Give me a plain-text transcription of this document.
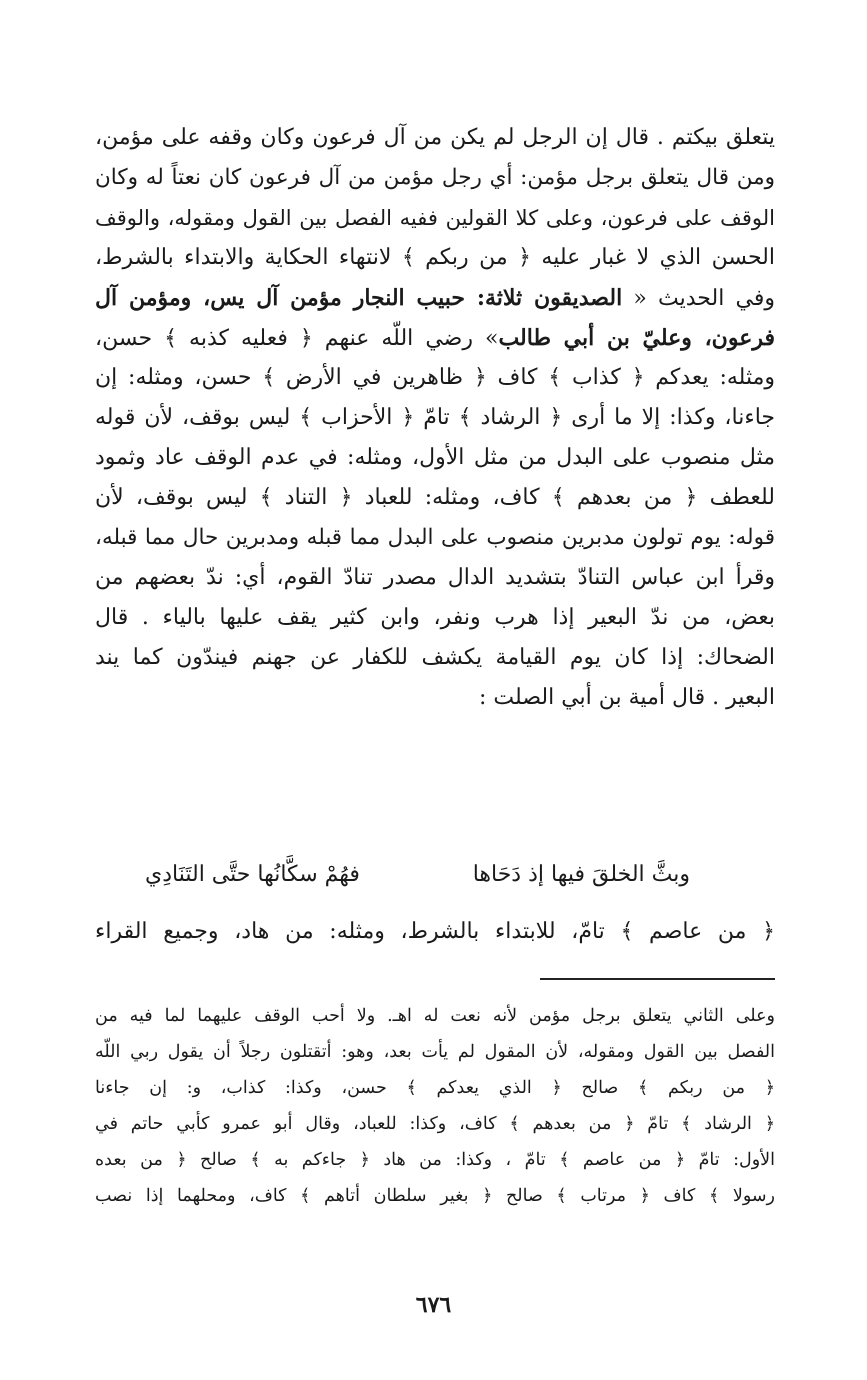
يتعلق بيكتم . قال إن الرجل لم يكن من آل فرعون وكان وقفه على مؤمن،
ومن قال يتعلق برجل مؤمن: أي رجل مؤمن من آل فرعون كان نعتاً له وكان
الوقف على فرعون، وعلى كلا القولين ففيه الفصل بين القول ومقوله، والوقف
الحسن الذي لا غبار عليه ﴿ من ربكم ﴾ لانتهاء الحكاية والابتداء بالشرط،
وفي الحديث « الصديقون ثلاثة: حبيب النجار مؤمن آل يس، ومؤمن آل
فرعون، وعليّ بن أبي طالب» رضي اللّه عنهم ﴿ فعليه كذبه ﴾ حسن،
ومثله: يعدكم ﴿ كذاب ﴾ كاف ﴿ ظاهرين في الأرض ﴾ حسن، ومثله: إن
جاءنا، وكذا: إلا ما أرى ﴿ الرشاد ﴾ تامّ ﴿ الأحزاب ﴾ ليس بوقف، لأن قوله
مثل منصوب على البدل من مثل الأول، ومثله: في عدم الوقف عاد وثمود
للعطف ﴿ من بعدهم ﴾ كاف، ومثله: للعباد ﴿ التناد ﴾ ليس بوقف، لأن
قوله: يوم تولون مدبرين منصوب على البدل مما قبله ومدبرين حال مما قبله،
وقرأ ابن عباس التنادّ بتشديد الدال مصدر تنادّ القوم، أي: ندّ بعضهم من
بعض، من ندّ البعير إذا هرب ونفر، وابن كثير يقف عليها بالياء . قال
الضحاك: إذا كان يوم القيامة يكشف للكفار عن جهنم فيندّون كما يند
البعير . قال أمية بن أبي الصلت :
وبثَّ الخلقَ فيها إذ دَحَاها
فهُمْ سكَّانُها حتَّى التَنَادِي
﴿ من عاصم ﴾ تامّ، للابتداء بالشرط، ومثله: من هاد، وجميع القراء
وعلى الثاني يتعلق برجل مؤمن لأنه نعت له اهـ. ولا أحب الوقف عليهما لما فيه من
الفصل بين القول ومقوله، لأن المقول لم يأت بعد، وهو: أتقتلون رجلاً أن يقول ربي اللّه
﴿ من ربكم ﴾ صالح ﴿ الذي يعدكم ﴾ حسن، وكذا: كذاب، و: إن جاءنا
﴿ الرشاد ﴾ تامّ ﴿ من بعدهم ﴾ كاف، وكذا: للعباد، وقال أبو عمرو كأبي حاتم في
الأول: تامّ ﴿ من عاصم ﴾ تامّ ، وكذا: من هاد ﴿ جاءكم به ﴾ صالح ﴿ من بعده
رسولا ﴾ كاف ﴿ مرتاب ﴾ صالح ﴿ بغير سلطان أتاهم ﴾ كاف، ومحلهما إذا نصب
٦٧٦
